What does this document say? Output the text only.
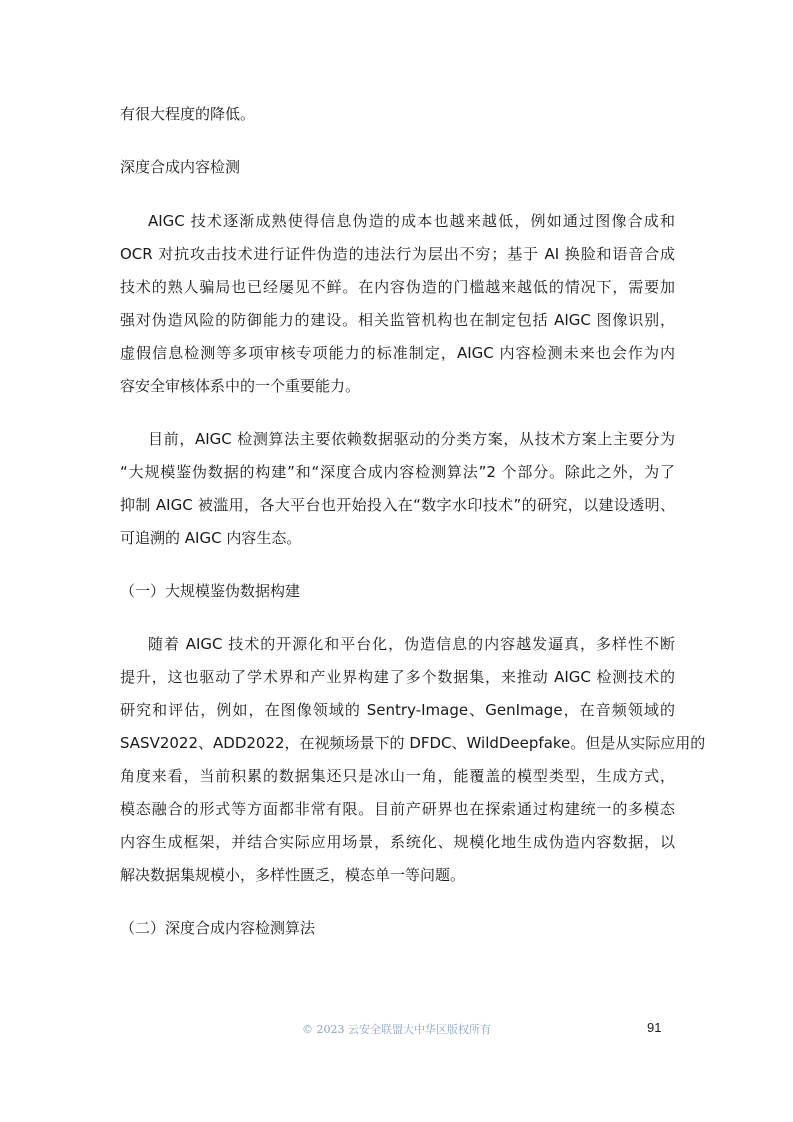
有很大程度的降低。
深度合成内容检测
AIGC 技术逐渐成熟使得信息伪造的成本也越来越低，例如通过图像合成和
OCR 对抗攻击技术进行证件伪造的违法行为层出不穷；基于 AI 换脸和语音合成
技术的熟人骗局也已经屡见不鲜。在内容伪造的门槛越来越低的情况下，需要加
强对伪造风险的防御能力的建设。相关监管机构也在制定包括 AIGC 图像识别，
虚假信息检测等多项审核专项能力的标准制定，AIGC 内容检测未来也会作为内
容安全审核体系中的一个重要能力。
目前，AIGC 检测算法主要依赖数据驱动的分类方案，从技术方案上主要分为
“大规模鉴伪数据的构建”和“深度合成内容检测算法”2 个部分。除此之外，为了
抑制 AIGC 被滥用，各大平台也开始投入在“数字水印技术”的研究，以建设透明、
可追溯的 AIGC 内容生态。
（一）大规模鉴伪数据构建
随着 AIGC 技术的开源化和平台化，伪造信息的内容越发逼真，多样性不断
提升，这也驱动了学术界和产业界构建了多个数据集，来推动 AIGC 检测技术的
研究和评估，例如，在图像领域的 Sentry-Image、GenImage，在音频领域的
SASV2022、ADD2022，在视频场景下的 DFDC、WildDeepfake。但是从实际应用的
角度来看，当前积累的数据集还只是冰山一角，能覆盖的模型类型，生成方式，
模态融合的形式等方面都非常有限。目前产研界也在探索通过构建统一的多模态
内容生成框架，并结合实际应用场景，系统化、规模化地生成伪造内容数据，以
解决数据集规模小，多样性匮乏，模态单一等问题。
（二）深度合成内容检测算法
© 2023 云安全联盟大中华区版权所有	91
